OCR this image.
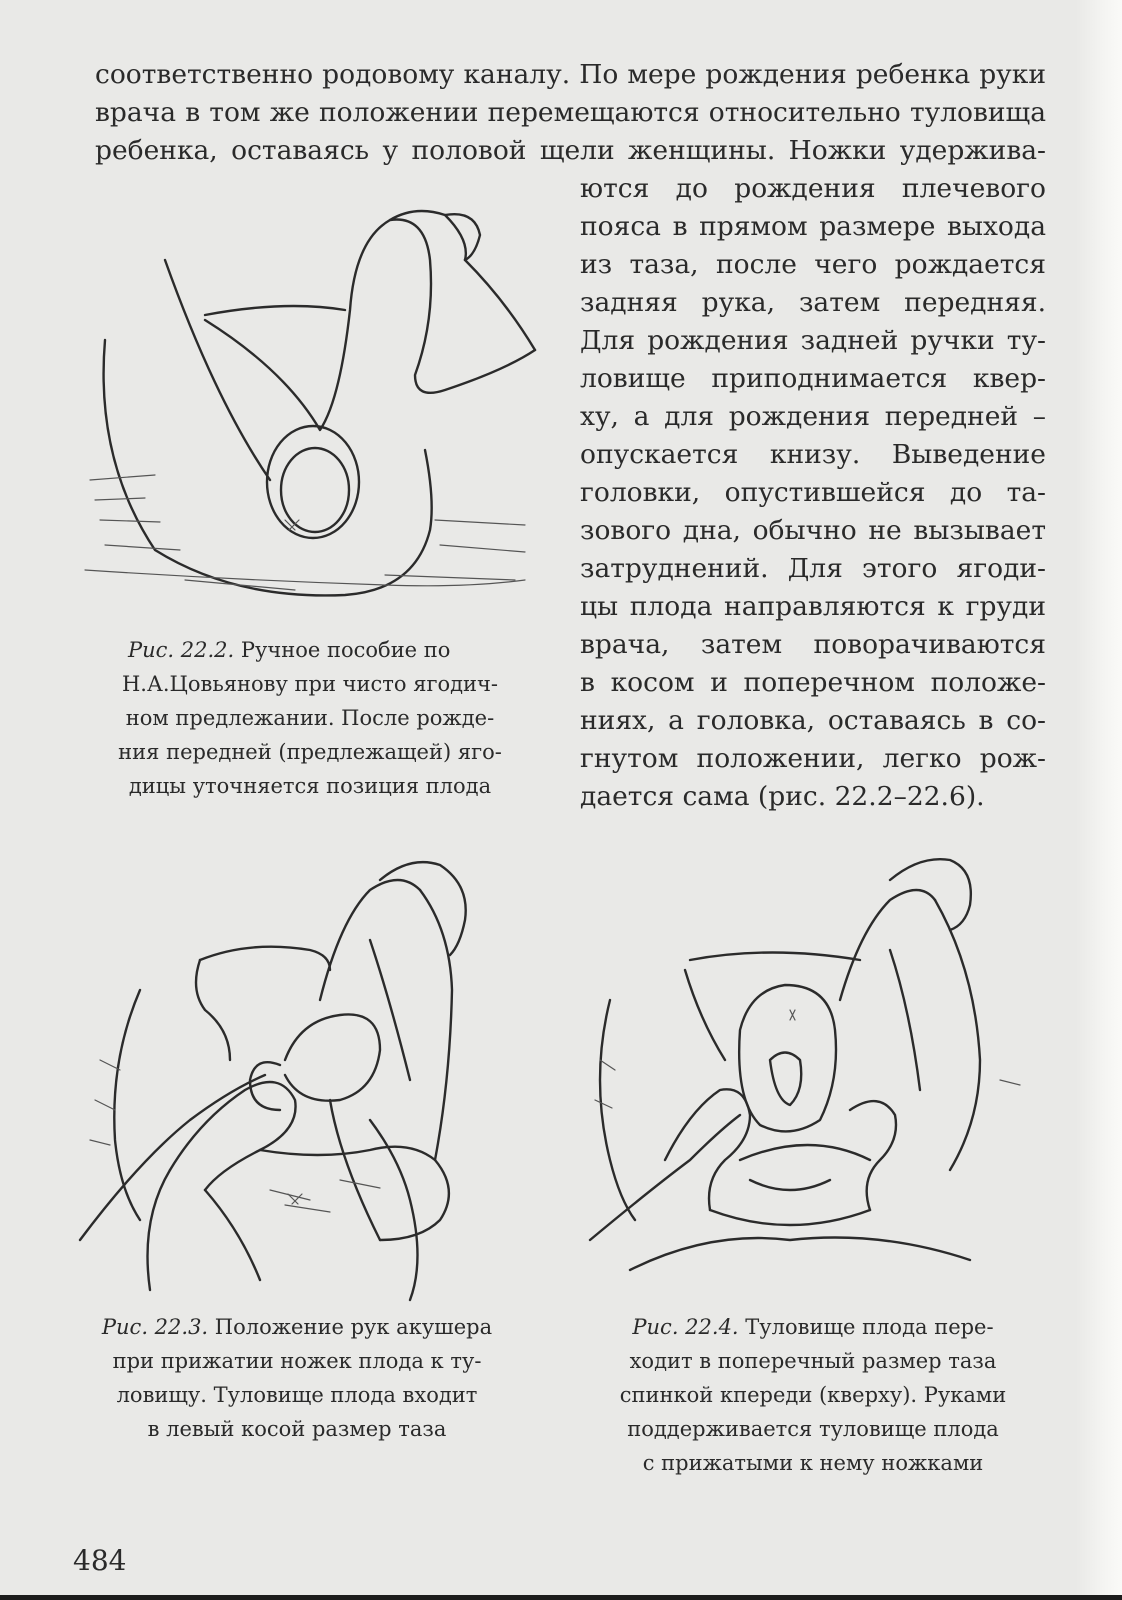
соответственно родовому каналу. По мере рождения ребенка руки
врача в том же положении перемещаются относительно туловища
ребенка, оставаясь у половой щели женщины. Ножки удержива-
ются до рождения плечевого
пояса в прямом размере выхода
из таза, после чего рождается
задняя рука, затем передняя.
Для рождения задней ручки ту-
ловище приподнимается квер-
ху, а для рождения передней –
опускается книзу. Выведение
головки, опустившейся до та-
зового дна, обычно не вызывает
затруднений. Для этого ягоди-
цы плода направляются к груди
врача, затем поворачиваются
в косом и поперечном положе-
ниях, а головка, оставаясь в со-
гнутом положении, легко рож-
дается сама (рис. 22.2–22.6).
Рис. 22.2. Ручное пособие по
Н.А.Цовьянову при чисто ягодич-
ном предлежании. После рожде-
ния передней (предлежащей) яго-
дицы уточняется позиция плода
Рис. 22.3. Положение рук акушера
при прижатии ножек плода к ту-
ловищу. Туловище плода входит
в левый косой размер таза
Рис. 22.4. Туловище плода пере-
ходит в поперечный размер таза
спинкой кпереди (кверху). Руками
поддерживается туловище плода
с прижатыми к нему ножками
484
